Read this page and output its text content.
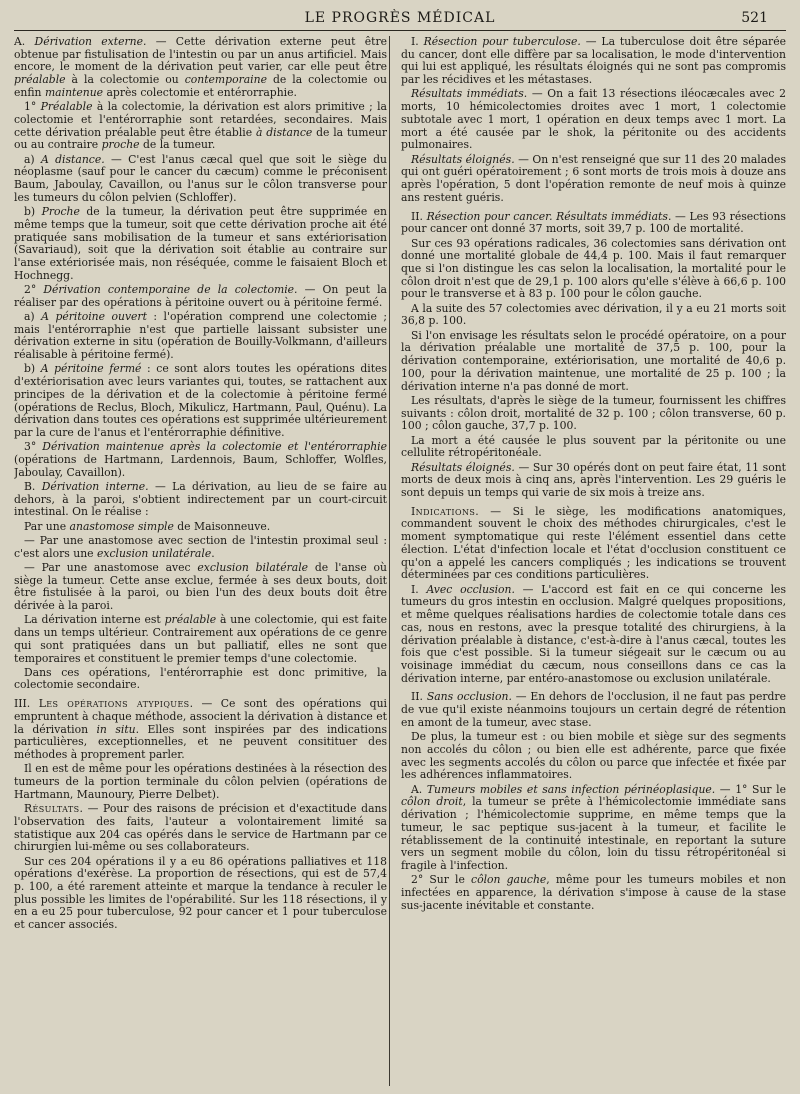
LE PROGRÈS MÉDICAL	521

A. Dérivation externe. — Cette dérivation externe peut être obtenue par fistulisation de l'intestin ou par un anus artificiel. Mais encore, le moment de la dérivation peut varier, car elle peut être préalable à la colectomie ou contemporaine de la colectomie ou enfin maintenue après colectomie et entérorraphie.

1° Préalable à la colectomie, la dérivation est alors primitive ; la colectomie et l'entérorraphie sont retardées, secondaires. Mais cette dérivation préalable peut être établie à distance de la tumeur ou au contraire proche de la tumeur.

a) A distance. — C'est l'anus cæcal quel que soit le siège du néoplasme (sauf pour le cancer du cæcum) comme le préconisent Baum, Jaboulay, Cavaillon, ou l'anus sur le côlon transverse pour les tumeurs du côlon pelvien (Schloffer).

b) Proche de la tumeur, la dérivation peut être supprimée en même temps que la tumeur, soit que cette dérivation proche ait été pratiquée sans mobilisation de la tumeur et sans extériorisation (Savariaud), soit que la dérivation soit établie au contraire sur l'anse extériorisée mais, non réséquée, comme le faisaient Bloch et Hochnegg.

2° Dérivation contemporaine de la colectomie. — On peut la réaliser par des opérations à péritoine ouvert ou à péritoine fermé.

a) A péritoine ouvert : l'opération comprend une colectomie ; mais l'entérorraphie n'est que partielle laissant subsister une dérivation externe in situ (opération de Bouilly-Volkmann, d'ailleurs réalisable à péritoine fermé).

b) A péritoine fermé : ce sont alors toutes les opérations dites d'extériorisation avec leurs variantes qui, toutes, se rattachent aux principes de la dérivation et de la colectomie à péritoine fermé (opérations de Reclus, Bloch, Mikulicz, Hartmann, Paul, Quénu). La dérivation dans toutes ces opérations est supprimée ultérieurement par la cure de l'anus et l'entérorraphie définitive.

3° Dérivation maintenue après la colectomie et l'entérorraphie (opérations de Hartmann, Lardennois, Baum, Schloffer, Wolfles, Jaboulay, Cavaillon).

B. Dérivation interne. — La dérivation, au lieu de se faire au dehors, à la paroi, s'obtient indirectement par un court-circuit intestinal. On le réalise :

Par une anastomose simple de Maisonneuve.

— Par une anastomose avec section de l'intestin proximal seul : c'est alors une exclusion unilatérale.

— Par une anastomose avec exclusion bilatérale de l'anse où siège la tumeur. Cette anse exclue, fermée à ses deux bouts, doit être fistulisée à la paroi, ou bien l'un des deux bouts doit être dérivée à la paroi.

La dérivation interne est préalable à une colectomie, qui est faite dans un temps ultérieur. Contrairement aux opérations de ce genre qui sont pratiquées dans un but palliatif, elles ne sont que temporaires et constituent le premier temps d'une colectomie.

Dans ces opérations, l'entérorraphie est donc primitive, la colectomie secondaire.

III. Les opérations atypiques. — Ce sont des opérations qui empruntent à chaque méthode, associent la dérivation à distance et la dérivation in situ. Elles sont inspirées par des indications particulières, exceptionnelles, et ne peuvent consitituer des méthodes à proprement parler.

Il en est de même pour les opérations destinées à la résection des tumeurs de la portion terminale du côlon pelvien (opérations de Hartmann, Maunoury, Pierre Delbet).

Résultats. — Pour des raisons de précision et d'exactitude dans l'observation des faits, l'auteur a volontairement limité sa statistique aux 204 cas opérés dans le service de Hartmann par ce chirurgien lui-même ou ses collaborateurs.

Sur ces 204 opérations il y a eu 86 opérations palliatives et 118 opérations d'exérèse. La proportion de résections, qui est de 57,4 p. 100, a été rarement atteinte et marque la tendance à reculer le plus possible les limites de l'opérabilité. Sur les 118 résections, il y en a eu 25 pour tuberculose, 92 pour cancer et 1 pour tuberculose et cancer associés.

I. Résection pour tuberculose. — La tuberculose doit être séparée du cancer, dont elle diffère par sa localisation, le mode d'intervention qui lui est appliqué, les résultats éloignés qui ne sont pas compromis par les récidives et les métastases.

Résultats immédiats. — On a fait 13 résections iléocæcales avec 2 morts, 10 hémicolectomies droites avec 1 mort, 1 colectomie subtotale avec 1 mort, 1 opération en deux temps avec 1 mort. La mort a été causée par le shok, la péritonite ou des accidents pulmonaires.

Résultats éloignés. — On n'est renseigné que sur 11 des 20 malades qui ont guéri opératoirement ; 6 sont morts de trois mois à douze ans après l'opération, 5 dont l'opération remonte de neuf mois à quinze ans restent guéris.

II. Résection pour cancer. Résultats immédiats. — Les 93 résections pour cancer ont donné 37 morts, soit 39,7 p. 100 de mortalité.

Sur ces 93 opérations radicales, 36 colectomies sans dérivation ont donné une mortalité globale de 44,4 p. 100. Mais il faut remarquer que si l'on distingue les cas selon la localisation, la mortalité pour le côlon droit n'est que de 29,1 p. 100 alors qu'elle s'élève à 66,6 p. 100 pour le transverse et à 83 p. 100 pour le côlon gauche.

A la suite des 57 colectomies avec dérivation, il y a eu 21 morts soit 36,8 p. 100.

Si l'on envisage les résultats selon le procédé opératoire, on a pour la dérivation préalable une mortalité de 37,5 p. 100, pour la dérivation contemporaine, extériorisation, une mortalité de 40,6 p. 100, pour la dérivation maintenue, une mortalité de 25 p. 100 ; la dérivation interne n'a pas donné de mort.

Les résultats, d'après le siège de la tumeur, fournissent les chiffres suivants : côlon droit, mortalité de 32 p. 100 ; côlon transverse, 60 p. 100 ; côlon gauche, 37,7 p. 100.

La mort a été causée le plus souvent par la péritonite ou une cellulite rétropéritonéale.

Résultats éloignés. — Sur 30 opérés dont on peut faire état, 11 sont morts de deux mois à cinq ans, après l'intervention. Les 29 guéris le sont depuis un temps qui varie de six mois à treize ans.

Indications. — Si le siège, les modifications anatomiques, commandent souvent le choix des méthodes chirurgicales, c'est le moment symptomatique qui reste l'élément essentiel dans cette élection. L'état d'infection locale et l'état d'occlusion constituent ce qu'on a appelé les cancers compliqués ; les indications se trouvent déterminées par ces conditions particulières.

I. Avec occlusion. — L'accord est fait en ce qui concerne les tumeurs du gros intestin en occlusion. Malgré quelques propositions, et même quelques réalisations hardies de colectomie totale dans ces cas, nous en restons, avec la presque totalité des chirurgiens, à la dérivation préalable à distance, c'est-à-dire à l'anus cæcal, toutes les fois que c'est possible. Si la tumeur siégeait sur le cæcum ou au voisinage immédiat du cæcum, nous conseillons dans ce cas la dérivation interne, par entéro-anastomose ou exclusion unilatérale.

II. Sans occlusion. — En dehors de l'occlusion, il ne faut pas perdre de vue qu'il existe néanmoins toujours un certain degré de rétention en amont de la tumeur, avec stase.

De plus, la tumeur est : ou bien mobile et siège sur des segments non accolés du côlon ; ou bien elle est adhérente, parce que fixée avec les segments accolés du côlon ou parce que infectée et fixée par les adhérences inflammatoires.

A. Tumeurs mobiles et sans infection périnéoplasique. — 1° Sur le côlon droit, la tumeur se prête à l'hémicolectomie immédiate sans dérivation ; l'hémicolectomie supprime, en même temps que la tumeur, le sac peptique sus-jacent à la tumeur, et facilite le rétablissement de la continuité intestinale, en reportant la suture vers un segment mobile du côlon, loin du tissu rétropéritonéal si fragile à l'infection.

2° Sur le côlon gauche, même pour les tumeurs mobiles et non infectées en apparence, la dérivation s'impose à cause de la stase sus-jacente inévitable et constante.
